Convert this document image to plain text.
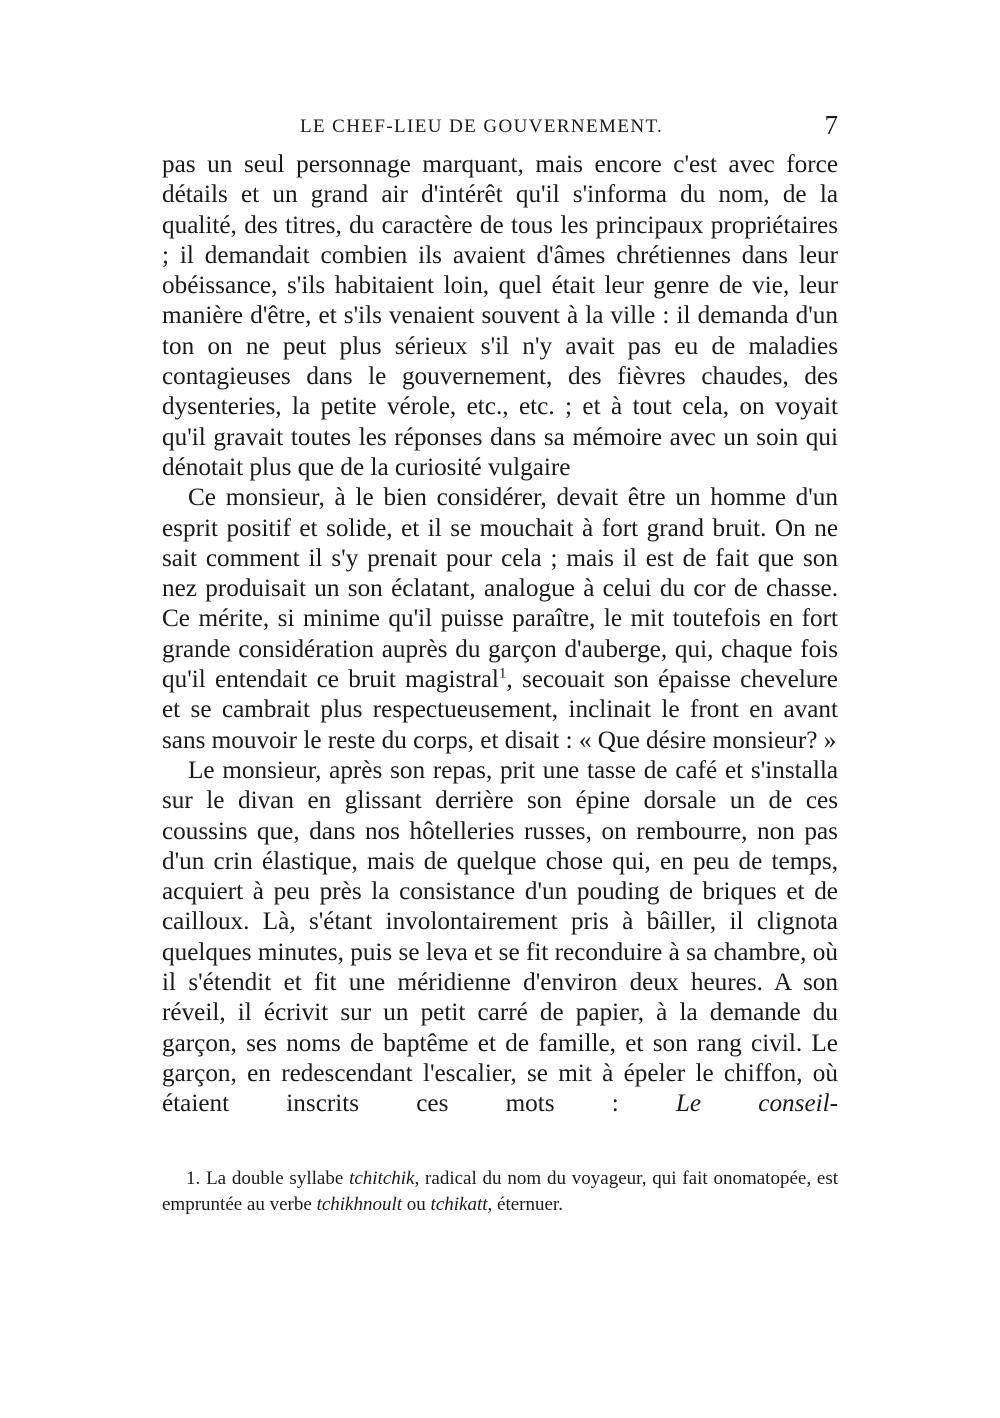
LE CHEF-LIEU DE GOUVERNEMENT.	7

pas un seul personnage marquant, mais encore c'est avec force détails et un grand air d'intérêt qu'il s'informa du nom, de la qualité, des titres, du caractère de tous les principaux propriétaires ; il demandait combien ils avaient d'âmes chrétiennes dans leur obéissance, s'ils habitaient loin, quel était leur genre de vie, leur manière d'être, et s'ils venaient souvent à la ville : il demanda d'un ton on ne peut plus sérieux s'il n'y avait pas eu de maladies contagieuses dans le gouvernement, des fièvres chaudes, des dysenteries, la petite vérole, etc., etc. ; et à tout cela, on voyait qu'il gravait toutes les réponses dans sa mémoire avec un soin qui dénotait plus que de la curiosité vulgaire

Ce monsieur, à le bien considérer, devait être un homme d'un esprit positif et solide, et il se mouchait à fort grand bruit. On ne sait comment il s'y prenait pour cela ; mais il est de fait que son nez produisait un son éclatant, analogue à celui du cor de chasse. Ce mérite, si minime qu'il puisse paraître, le mit toutefois en fort grande considération auprès du garçon d'auberge, qui, chaque fois qu'il entendait ce bruit magistral$^1$, secouait son épaisse chevelure et se cambrait plus respectueusement, inclinait le front en avant sans mouvoir le reste du corps, et disait : « Que désire monsieur? »

Le monsieur, après son repas, prit une tasse de café et s'installa sur le divan en glissant derrière son épine dorsale un de ces coussins que, dans nos hôtelleries russes, on rembourre, non pas d'un crin élastique, mais de quelque chose qui, en peu de temps, acquiert à peu près la consistance d'un pouding de briques et de cailloux. Là, s'étant involontairement pris à bâiller, il clignota quelques minutes, puis se leva et se fit reconduire à sa chambre, où il s'étendit et fit une méridienne d'environ deux heures. A son réveil, il écrivit sur un petit carré de papier, à la demande du garçon, ses noms de baptême et de famille, et son rang civil. Le garçon, en redescendant l'escalier, se mit à épeler le chiffon, où étaient inscrits ces mots : Le conseil-

1. La double syllabe tchitchik, radical du nom du voyageur, qui fait onomatopée, est empruntée au verbe tchikhnoult ou tchikatt, éternuer.
